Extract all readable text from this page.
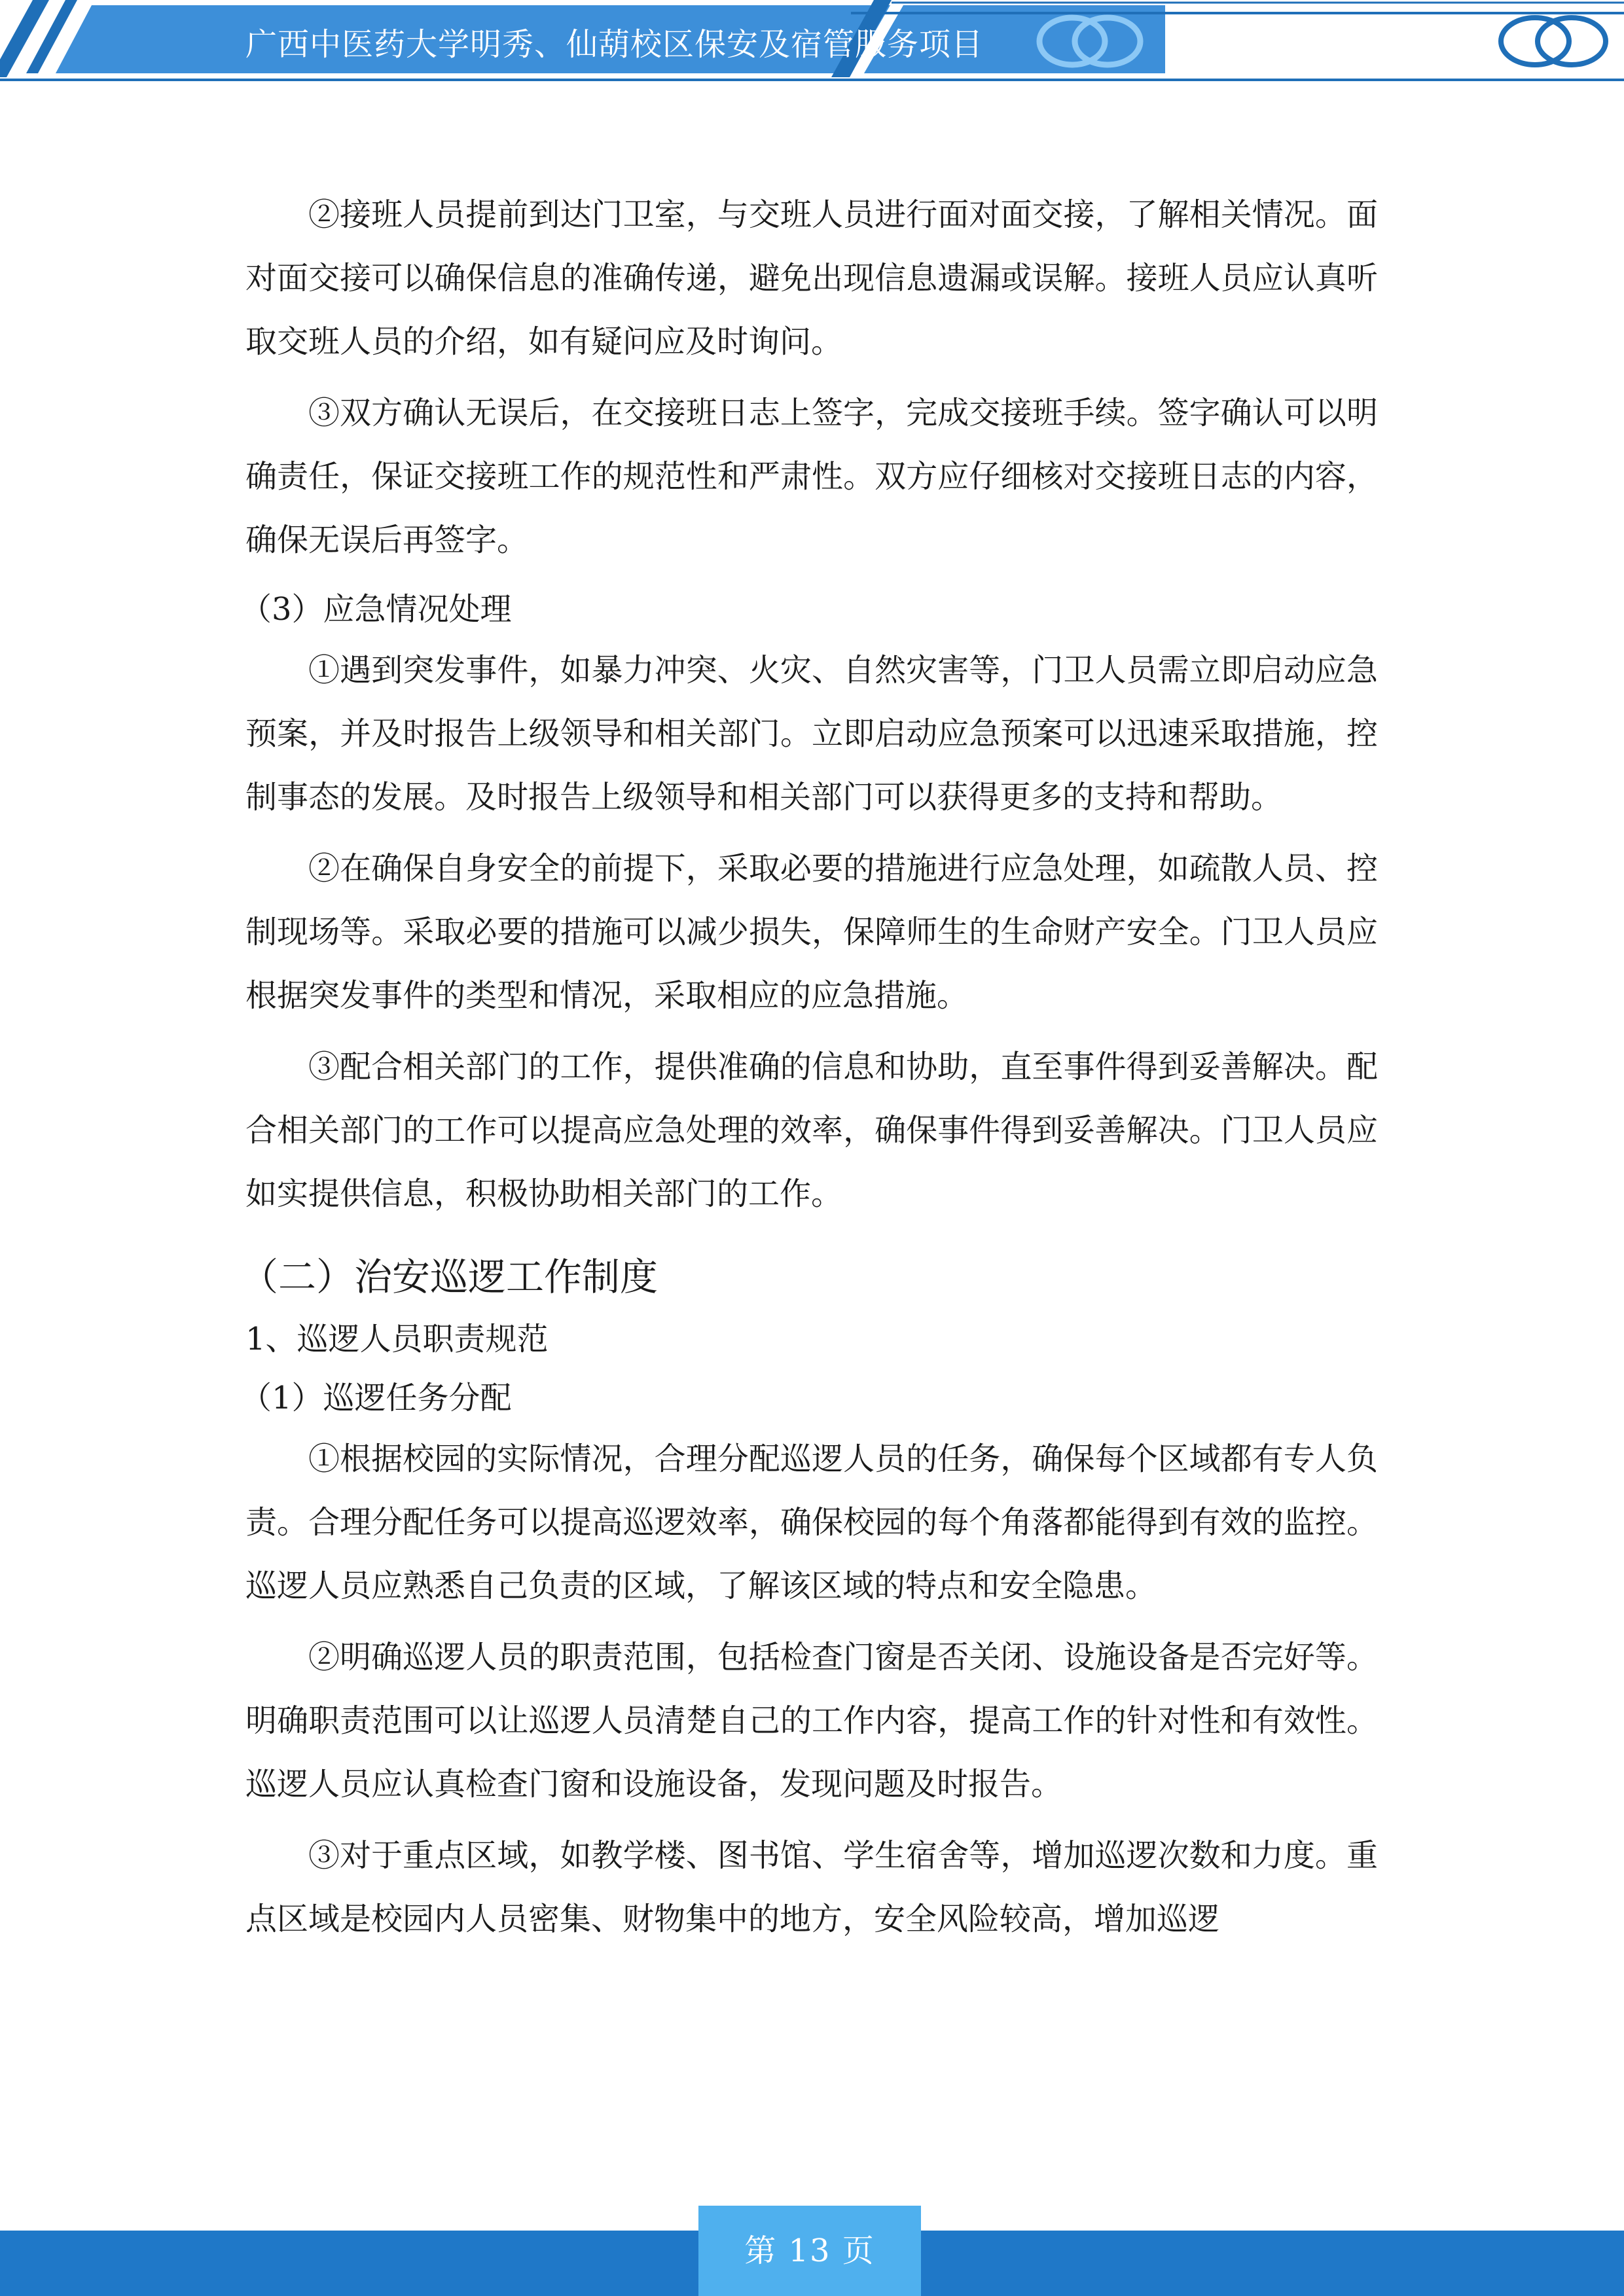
广西中医药大学明秀、仙葫校区保安及宿管服务项目

②接班人员提前到达门卫室，与交班人员进行面对面交接，了解相关情况。面对面交接可以确保信息的准确传递，避免出现信息遗漏或误解。接班人员应认真听取交班人员的介绍，如有疑问应及时询问。

③双方确认无误后，在交接班日志上签字，完成交接班手续。签字确认可以明确责任，保证交接班工作的规范性和严肃性。双方应仔细核对交接班日志的内容，确保无误后再签字。

（3）应急情况处理

①遇到突发事件，如暴力冲突、火灾、自然灾害等，门卫人员需立即启动应急预案，并及时报告上级领导和相关部门。立即启动应急预案可以迅速采取措施，控制事态的发展。及时报告上级领导和相关部门可以获得更多的支持和帮助。

②在确保自身安全的前提下，采取必要的措施进行应急处理，如疏散人员、控制现场等。采取必要的措施可以减少损失，保障师生的生命财产安全。门卫人员应根据突发事件的类型和情况，采取相应的应急措施。

③配合相关部门的工作，提供准确的信息和协助，直至事件得到妥善解决。配合相关部门的工作可以提高应急处理的效率，确保事件得到妥善解决。门卫人员应如实提供信息，积极协助相关部门的工作。

（二）治安巡逻工作制度

1、巡逻人员职责规范

（1）巡逻任务分配

①根据校园的实际情况，合理分配巡逻人员的任务，确保每个区域都有专人负责。合理分配任务可以提高巡逻效率，确保校园的每个角落都能得到有效的监控。巡逻人员应熟悉自己负责的区域，了解该区域的特点和安全隐患。

②明确巡逻人员的职责范围，包括检查门窗是否关闭、设施设备是否完好等。明确职责范围可以让巡逻人员清楚自己的工作内容，提高工作的针对性和有效性。巡逻人员应认真检查门窗和设施设备，发现问题及时报告。

③对于重点区域，如教学楼、图书馆、学生宿舍等，增加巡逻次数和力度。重点区域是校园内人员密集、财物集中的地方，安全风险较高，增加巡逻

第 13 页
